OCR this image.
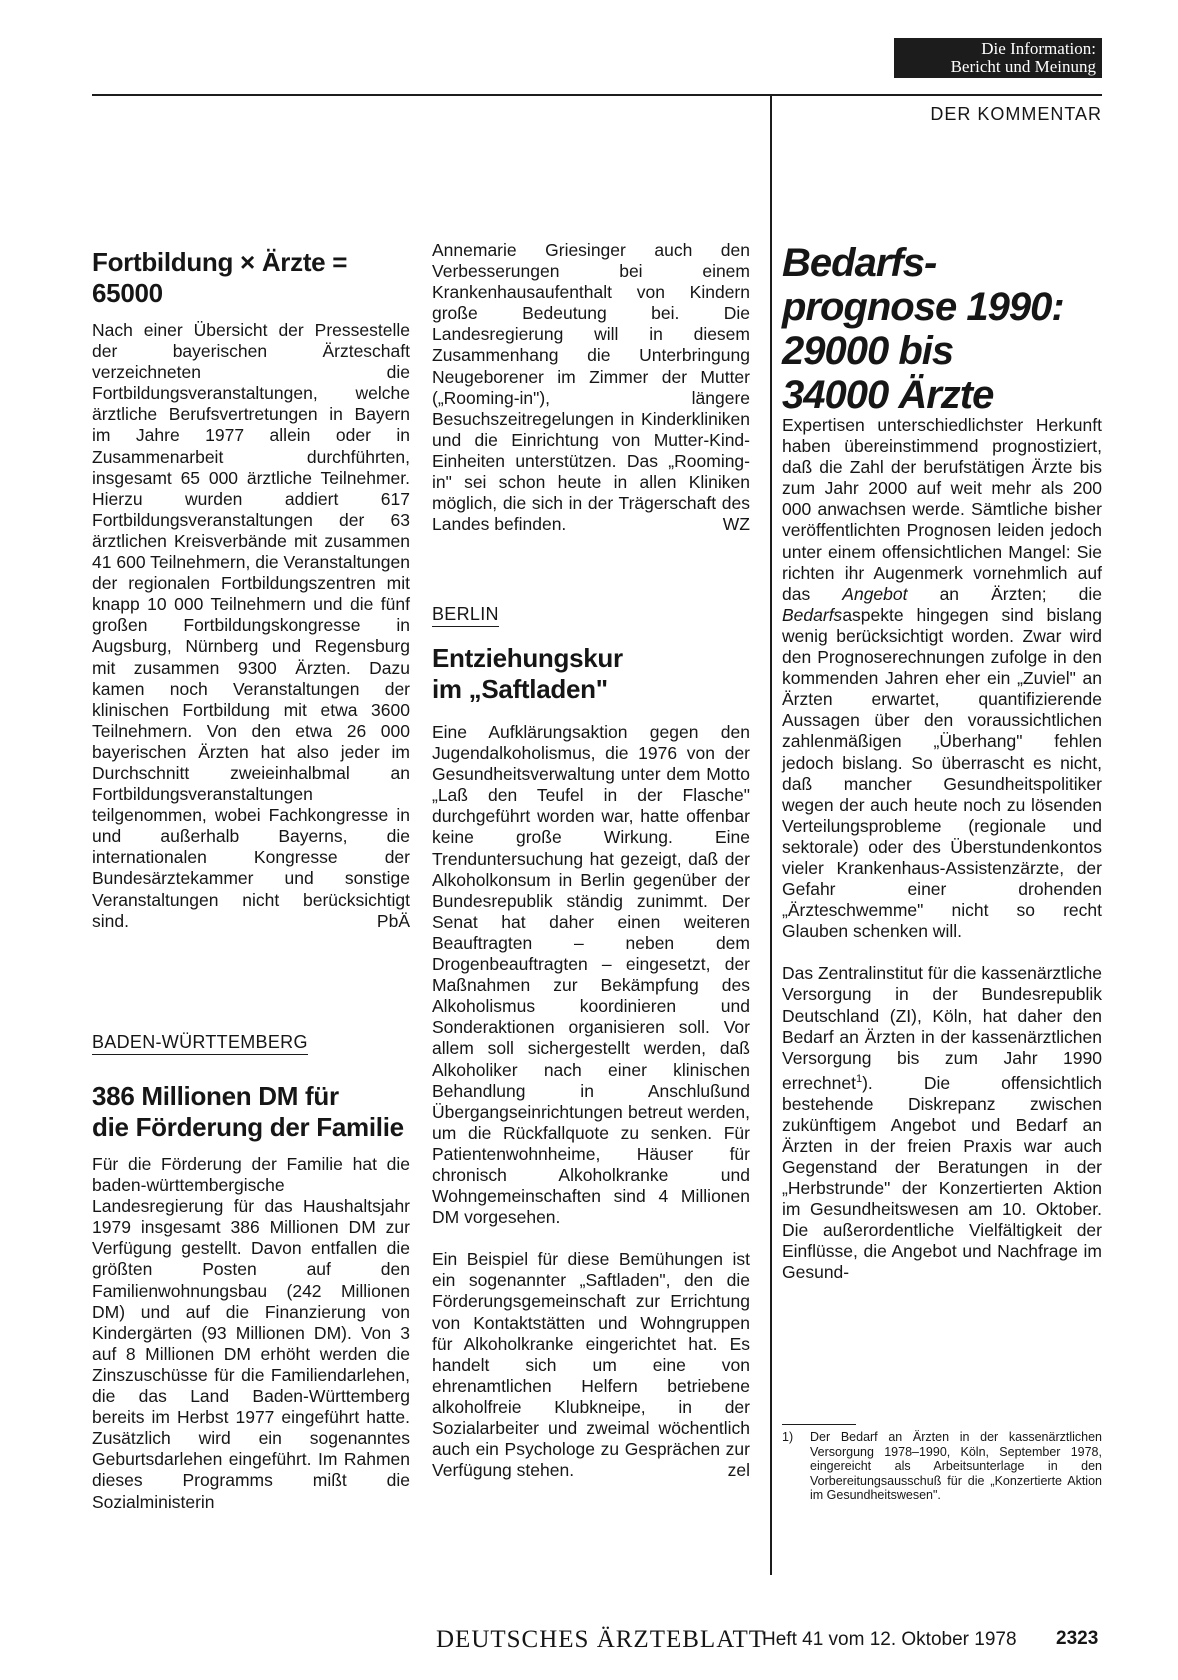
Die Information:
Bericht und Meinung
DER KOMMENTAR
Fortbildung × Ärzte =
65000

Nach einer Übersicht der Pressestelle der bayerischen Ärzteschaft verzeichneten die Fortbildungsveranstaltungen, welche ärztliche Berufsvertretungen in Bayern im Jahre 1977 allein oder in Zusammenarbeit durchführten, insgesamt 65 000 ärztliche Teilnehmer. Hierzu wurden addiert 617 Fortbildungsveranstaltungen der 63 ärztlichen Kreisverbände mit zusammen 41 600 Teilnehmern, die Veranstaltungen der regionalen Fortbildungszentren mit knapp 10 000 Teilnehmern und die fünf großen Fortbildungskongresse in Augsburg, Nürnberg und Regensburg mit zusammen 9300 Ärzten. Dazu kamen noch Veranstaltungen der klinischen Fortbildung mit etwa 3600 Teilnehmern. Von den etwa 26 000 bayerischen Ärzten hat also jeder im Durchschnitt zweieinhalbmal an Fortbildungsveranstaltungen teilgenommen, wobei Fachkongresse in und außerhalb Bayerns, die internationalen Kongresse der Bundesärztekammer und sonstige Veranstaltungen nicht berücksichtigt sind.	PbÄ

BADEN-WÜRTTEMBERG
386 Millionen DM für
die Förderung der Familie

Für die Förderung der Familie hat die baden-württembergische Landesregierung für das Haushaltsjahr 1979 insgesamt 386 Millionen DM zur Verfügung gestellt. Davon entfallen die größten Posten auf den Familienwohnungsbau (242 Millionen DM) und auf die Finanzierung von Kindergärten (93 Millionen DM). Von 3 auf 8 Millionen DM erhöht werden die Zinszuschüsse für die Familiendarlehen, die das Land Baden-Württemberg bereits im Herbst 1977 eingeführt hatte. Zusätzlich wird ein sogenanntes Geburtsdarlehen eingeführt. Im Rahmen dieses Programms mißt die Sozialministerin

Annemarie Griesinger auch den Verbesserungen bei einem Krankenhausaufenthalt von Kindern große Bedeutung bei. Die Landesregierung will in diesem Zusammenhang die Unterbringung Neugeborener im Zimmer der Mutter („Rooming-in"), längere Besuchszeitregelungen in Kinderkliniken und die Einrichtung von Mutter-Kind-Einheiten unterstützen. Das „Rooming-in" sei schon heute in allen Kliniken möglich, die sich in der Trägerschaft des Landes befinden.	WZ

BERLIN
Entziehungskur
im „Saftladen"

Eine Aufklärungsaktion gegen den Jugendalkoholismus, die 1976 von der Gesundheitsverwaltung unter dem Motto „Laß den Teufel in der Flasche" durchgeführt worden war, hatte offenbar keine große Wirkung. Eine Trenduntersuchung hat gezeigt, daß der Alkoholkonsum in Berlin gegenüber der Bundesrepublik ständig zunimmt. Der Senat hat daher einen weiteren Beauftragten – neben dem Drogenbeauftragten – eingesetzt, der Maßnahmen zur Bekämpfung des Alkoholismus koordinieren und Sonderaktionen organisieren soll. Vor allem soll sichergestellt werden, daß Alkoholiker nach einer klinischen Behandlung in Anschlußund Übergangseinrichtungen betreut werden, um die Rückfallquote zu senken. Für Patientenwohnheime, Häuser für chronisch Alkoholkranke und Wohngemeinschaften sind 4 Millionen DM vorgesehen.

Ein Beispiel für diese Bemühungen ist ein sogenannter „Saftladen", den die Förderungsgemeinschaft zur Errichtung von Kontaktstätten und Wohngruppen für Alkoholkranke eingerichtet hat. Es handelt sich um eine von ehrenamtlichen Helfern betriebene alkoholfreie Klubkneipe, in der Sozialarbeiter und zweimal wöchentlich auch ein Psychologe zu Gesprächen zur Verfügung stehen.	zel

Bedarfs-
prognose 1990:
29000 bis
34000 Ärzte

Expertisen unterschiedlichster Herkunft haben übereinstimmend prognostiziert, daß die Zahl der berufstätigen Ärzte bis zum Jahr 2000 auf weit mehr als 200 000 anwachsen werde. Sämtliche bisher veröffentlichten Prognosen leiden jedoch unter einem offensichtlichen Mangel: Sie richten ihr Augenmerk vornehmlich auf das Angebot an Ärzten; die Bedarfsaspekte hingegen sind bislang wenig berücksichtigt worden. Zwar wird den Prognoserechnungen zufolge in den kommenden Jahren eher ein „Zuviel" an Ärzten erwartet, quantifizierende Aussagen über den voraussichtlichen zahlenmäßigen „Überhang" fehlen jedoch bislang. So überrascht es nicht, daß mancher Gesundheitspolitiker wegen der auch heute noch zu lösenden Verteilungsprobleme (regionale und sektorale) oder des Überstundenkontos vieler Krankenhaus-Assistenzärzte, der Gefahr einer drohenden „Ärzteschwemme" nicht so recht Glauben schenken will.

Das Zentralinstitut für die kassenärztliche Versorgung in der Bundesrepublik Deutschland (ZI), Köln, hat daher den Bedarf an Ärzten in der kassenärztlichen Versorgung bis zum Jahr 1990 errechnet$^1$). Die offensichtlich bestehende Diskrepanz zwischen zukünftigem Angebot und Bedarf an Ärzten in der freien Praxis war auch Gegenstand der Beratungen in der „Herbstrunde" der Konzertierten Aktion im Gesundheitswesen am 10. Oktober. Die außerordentliche Vielfältigkeit der Einflüsse, die Angebot und Nachfrage im Gesund-

1)	Der Bedarf an Ärzten in der kassenärztlichen Versorgung 1978–1990, Köln, September 1978, eingereicht als Arbeitsunterlage in den Vorbereitungsausschuß für die „Konzertierte Aktion im Gesundheitswesen".
DEUTSCHES ÄRZTEBLATT
Heft 41 vom 12. Oktober 1978 2323
